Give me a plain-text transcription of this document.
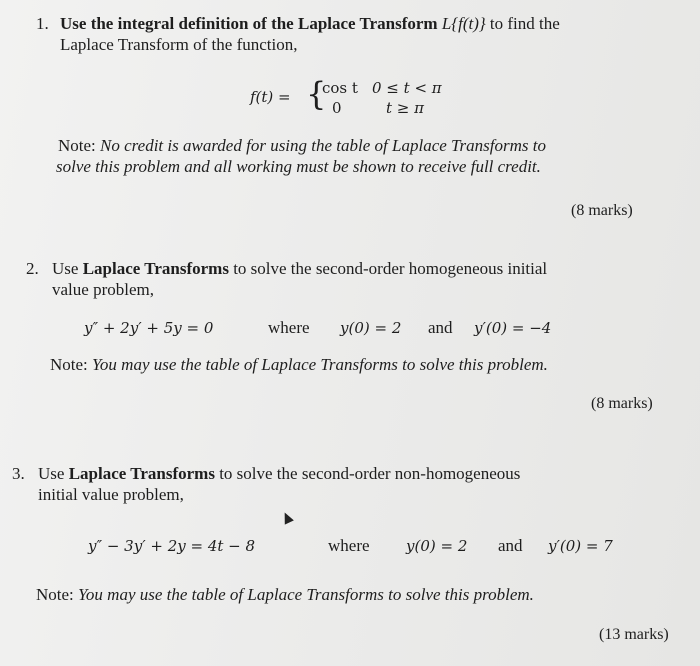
1. Use the integral definition of the Laplace Transform L{f(t)} to find the
Laplace Transform of the function,
f(t) = {
cos t 0 ≤ t < π
0	t ≥ π
Note: No credit is awarded for using the table of Laplace Transforms to
solve this problem and all working must be shown to receive full credit.
(8 marks)
2. Use Laplace Transforms to solve the second-order homogeneous initial
value problem,
y″ + 2y′ + 5y = 0	where y(0) = 2 and y′(0) = −4
Note: You may use the table of Laplace Transforms to solve this problem.
(8 marks)
3. Use Laplace Transforms to solve the second-order non-homogeneous
initial value problem,
y″ − 3y′ + 2y = 4t − 8	where y(0) = 2 and y′(0) = 7
Note: You may use the table of Laplace Transforms to solve this problem.
(13 marks)
